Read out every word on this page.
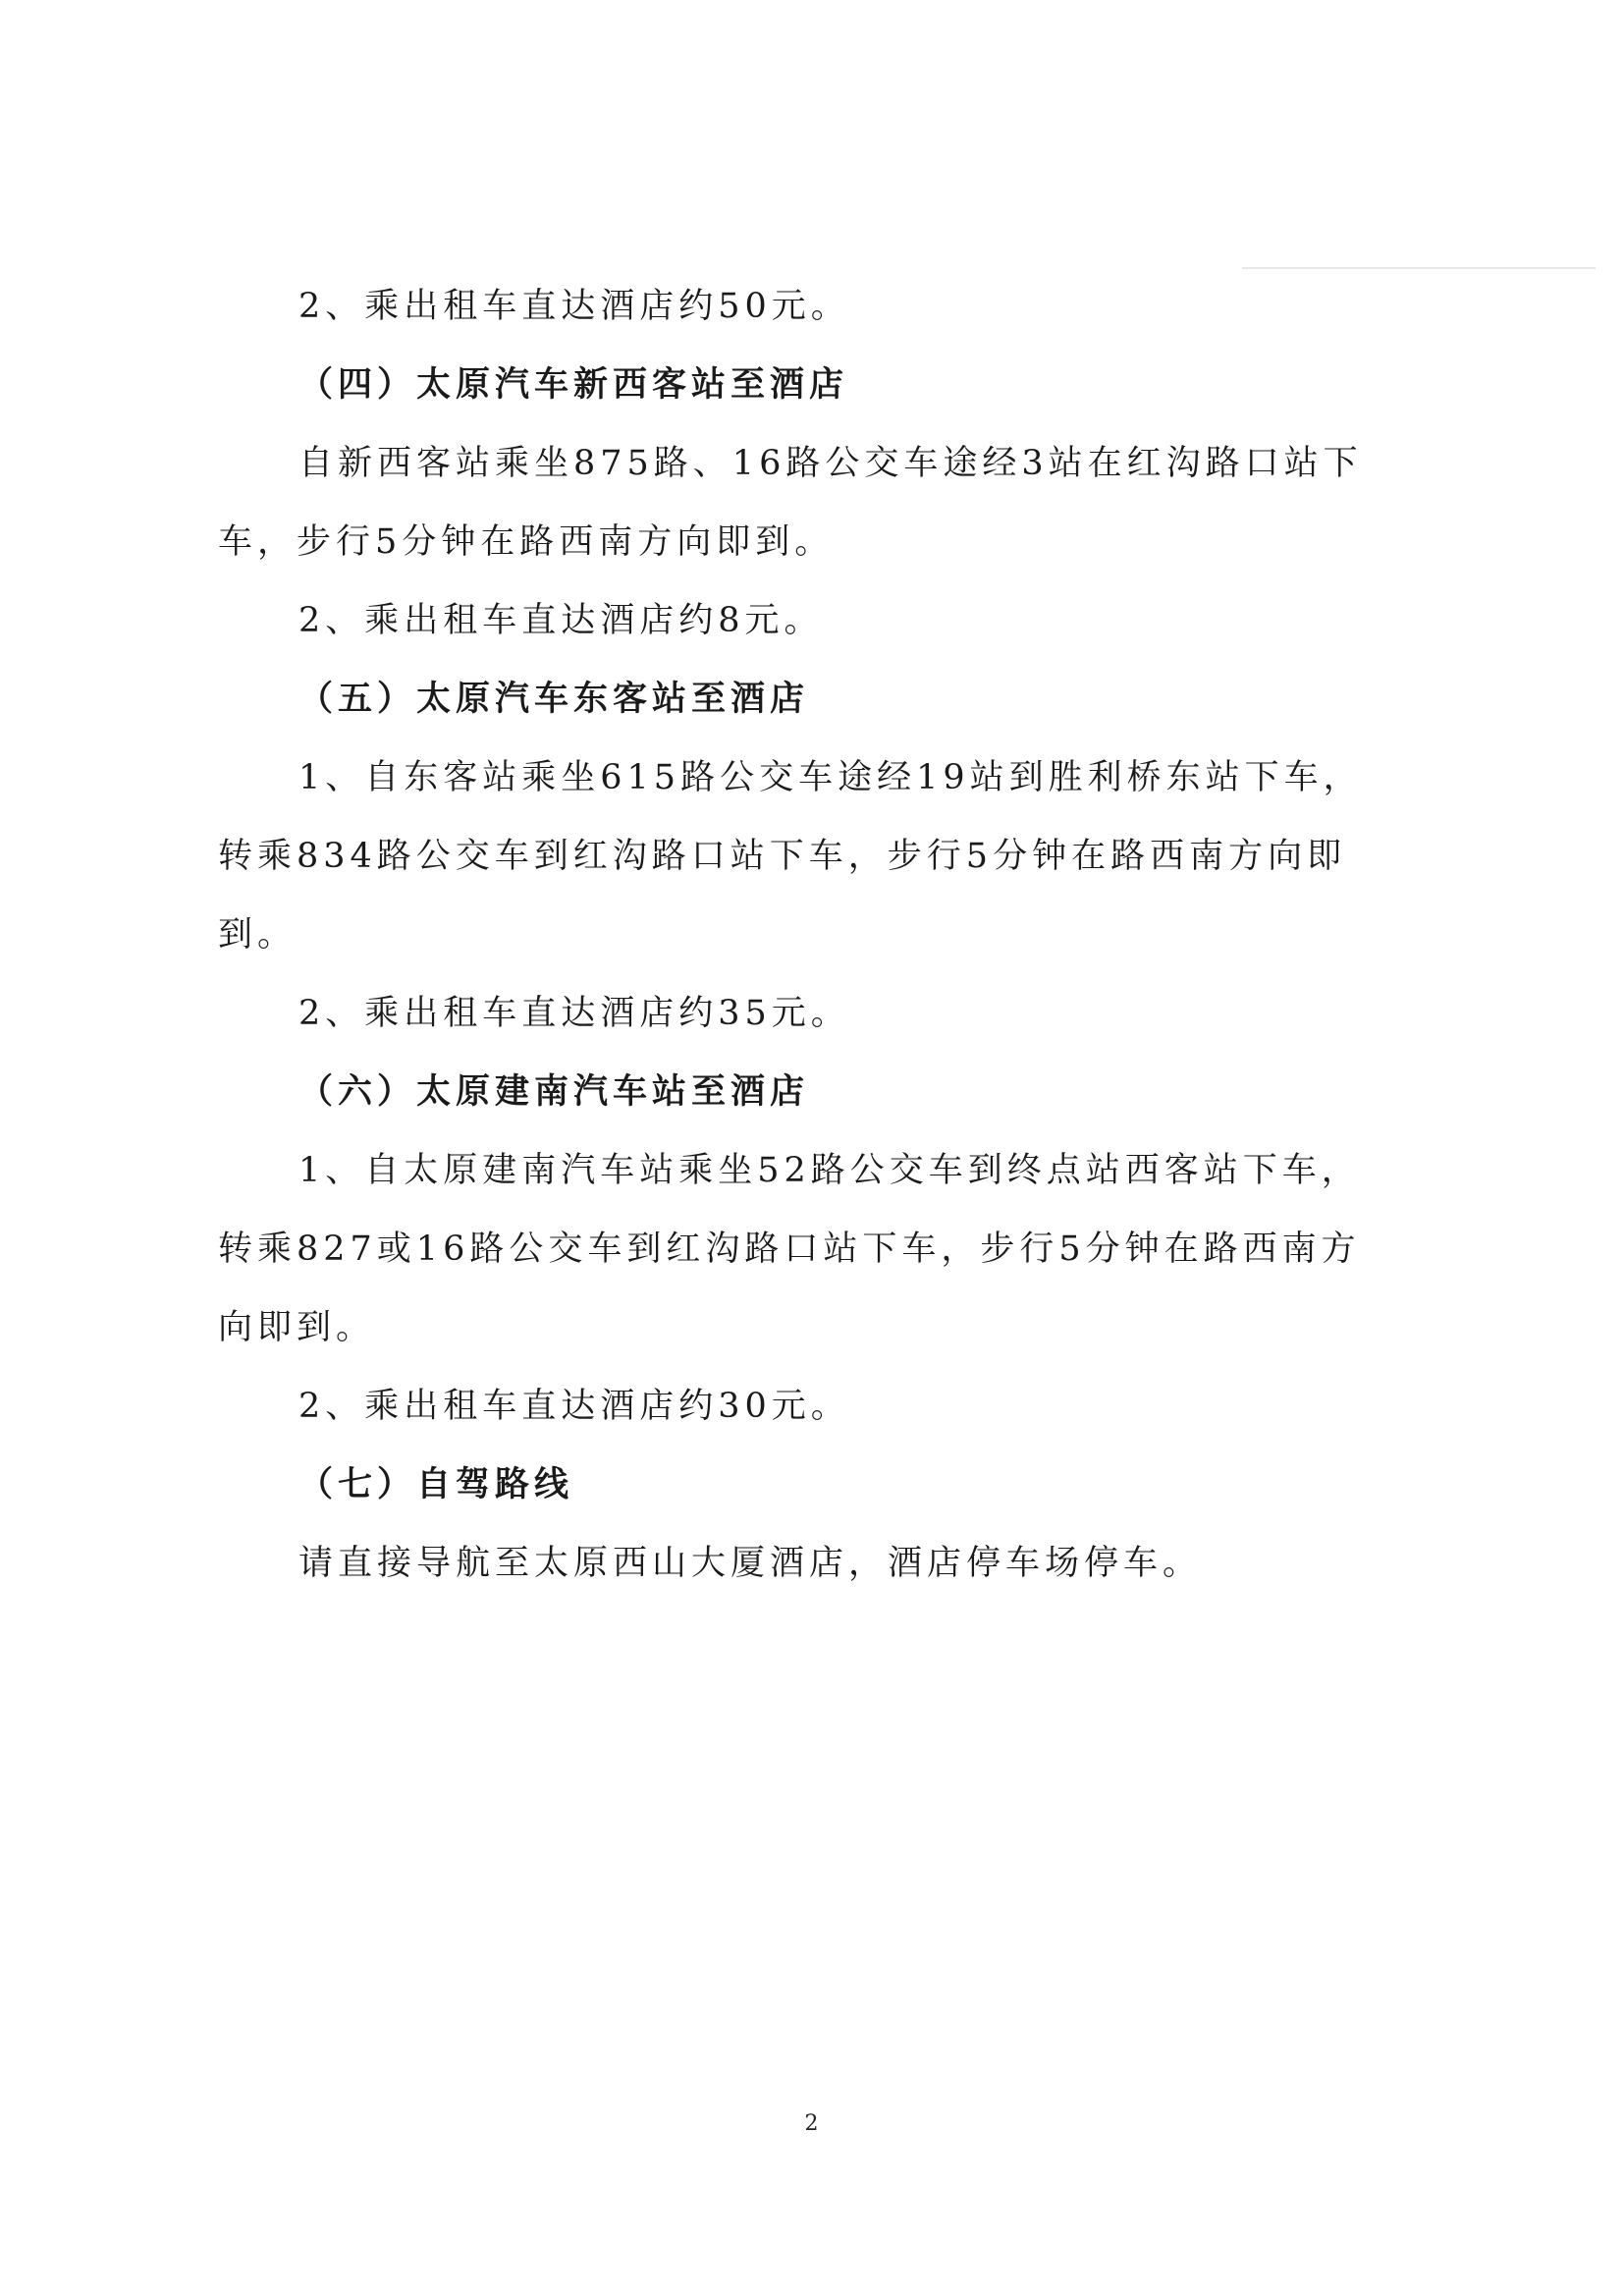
2、乘出租车直达酒店约50元。

（四）太原汽车新西客站至酒店

自新西客站乘坐875路、16路公交车途经3站在红沟路口站下车，步行5分钟在路西南方向即到。

2、乘出租车直达酒店约8元。

（五）太原汽车东客站至酒店

1、自东客站乘坐615路公交车途经19站到胜利桥东站下车，转乘834路公交车到红沟路口站下车，步行5分钟在路西南方向即到。

2、乘出租车直达酒店约35元。

（六）太原建南汽车站至酒店

1、自太原建南汽车站乘坐52路公交车到终点站西客站下车，转乘827或16路公交车到红沟路口站下车，步行5分钟在路西南方向即到。

2、乘出租车直达酒店约30元。

（七）自驾路线

请直接导航至太原西山大厦酒店，酒店停车场停车。

2
